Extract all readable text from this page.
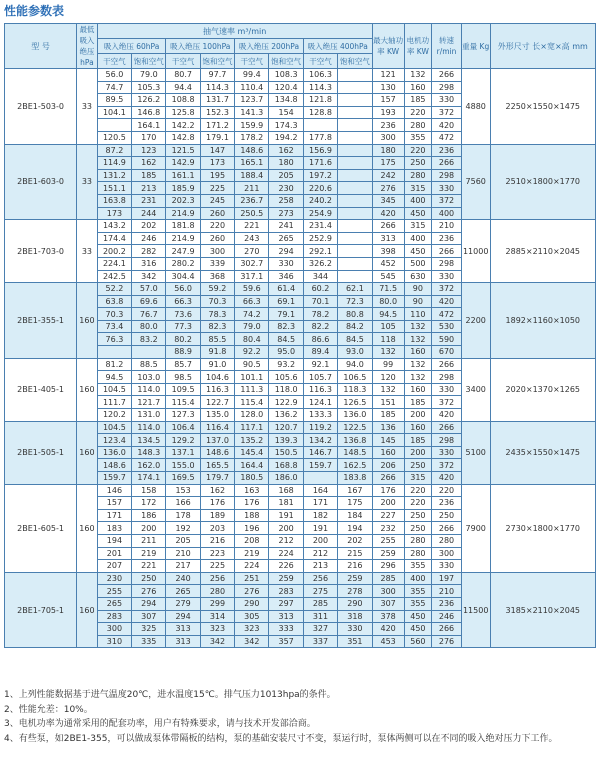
性能参数表
型 号	最低吸入绝压 hPa	抽气速率 m³/min								最大轴功率 KW	电机功率 KW	转速 r/min	重量 Kg	外形尺寸 长×宽×高 mm
		吸入绝压 60hPa		吸入绝压 100hPa		吸入绝压 200hPa		吸入绝压 400hPa						
		干空气	饱和空气	干空气	饱和空气	干空气	饱和空气	干空气	饱和空气					
2BE1-503-0	33	56.0	79.0	80.7	97.7	99.4	108.3	106.3		121	132	266	4880	2250×1550×1475
		74.7	105.3	94.4	114.3	110.4	120.4	114.3		130	160	298		
		89.5	126.2	108.8	131.7	123.7	134.8	121.8		157	185	330		
		104.1	146.8	125.8	152.3	141.3	154	128.8		193	220	372		
			164.1	142.2	171.2	159.9	174.3			236	280	420		
		120.5	170	142.8	179.1	178.2	194.2	177.8		300	355	472		
2BE1-603-0	33	87.2	123	121.5	147	148.6	162	156.9		180	220	236	7560	2510×1800×1770
		114.9	162	142.9	173	165.1	180	171.6		175	250	266		
		131.2	185	161.1	195	188.4	205	197.2		242	280	298		
		151.1	213	185.9	225	211	230	220.6		276	315	330		
		163.8	231	202.3	245	236.7	258	240.2		345	400	372		
		173	244	214.9	260	250.5	273	254.9		420	450	400		
2BE1-703-0	33	143.2	202	181.8	220	221	241	231.4		266	315	210	11000	2885×2110×2045
		174.4	246	214.9	260	243	265	252.9		313	400	236		
		200.2	282	247.9	300	270	294	292.1		398	450	266		
		224.1	316	280.2	339	302.7	330	326.2		452	500	298		
		242.5	342	304.4	368	317.1	346	344		545	630	330		
2BE1-355-1	160	52.2	57.0	56.0	59.2	59.6	61.4	60.2	62.1	71.5	90	372	2200	1892×1160×1050
		63.8	69.6	66.3	70.3	66.3	69.1	70.1	72.3	80.0	90	420		
		70.3	76.7	73.6	78.3	74.2	79.1	78.2	80.8	94.5	110	472		
		73.4	80.0	77.3	82.3	79.0	82.3	82.2	84.2	105	132	530		
		76.3	83.2	80.2	85.5	80.4	84.5	86.6	84.5	118	132	590		
				88.9	91.8	92.2	95.0	89.4	93.0	132	160	670		
2BE1-405-1	160	81.2	88.5	85.7	91.0	90.5	93.2	92.1	94.0	99	132	266	3400	2020×1370×1265
		94.5	103.0	98.5	104.6	101.1	105.6	105.7	106.5	120	132	298		
		104.5	114.0	109.5	116.3	111.3	118.0	116.3	118.3	132	160	330		
		111.7	121.7	115.4	122.7	115.4	122.9	124.1	126.5	151	185	372		
		120.2	131.0	127.3	135.0	128.0	136.2	133.3	136.0	185	200	420		
2BE1-505-1	160	104.5	114.0	106.4	116.4	117.1	120.7	119.2	122.5	136	160	266	5100	2435×1550×1475
		123.4	134.5	129.2	137.0	135.2	139.3	134.2	136.8	145	185	298		
		136.0	148.3	137.1	148.6	145.4	150.5	146.7	148.5	160	200	330		
		148.6	162.0	155.0	165.5	164.4	168.8	159.7	162.5	206	250	372		
		159.7	174.1	169.5	179.7	180.5	186.0		183.8	266	315	420		
2BE1-605-1	160	146	158	153	162	163	168	164	167	176	220	220	7900	2730×1800×1770
		157	172	166	176	176	181	171	175	200	220	236		
		171	186	178	189	188	191	182	184	227	250	250		
		183	200	192	203	196	200	191	194	232	250	266		
		194	211	205	216	208	212	200	202	255	280	280		
		201	219	210	223	219	224	212	215	259	280	300		
		207	221	217	225	224	226	213	216	296	355	330		
2BE1-705-1	160	230	250	240	256	251	259	256	259	285	400	197	11500	3185×2110×2045
		255	276	265	280	276	283	275	278	300	355	210		
		265	294	279	299	290	297	285	290	307	355	236		
		283	307	294	314	305	313	311	318	378	450	246		
		300	325	313	323	323	333	327	330	420	450	266		
		310	335	313	342	342	357	337	351	453	560	276		

1、上列性能数据基于进气温度20℃，进水温度15℃。排气压力1013hpa的条件。

2、性能允差：10%。

3、电机功率为通常采用的配套功率，用户有特殊要求，请与技术开发部洽商。

4、有些泵，如2BE1-355，可以做成泵体带隔板的结构，泵的基础安装尺寸不变，泵运行时，泵体两侧可以在不同的吸入绝对压力下工作。
